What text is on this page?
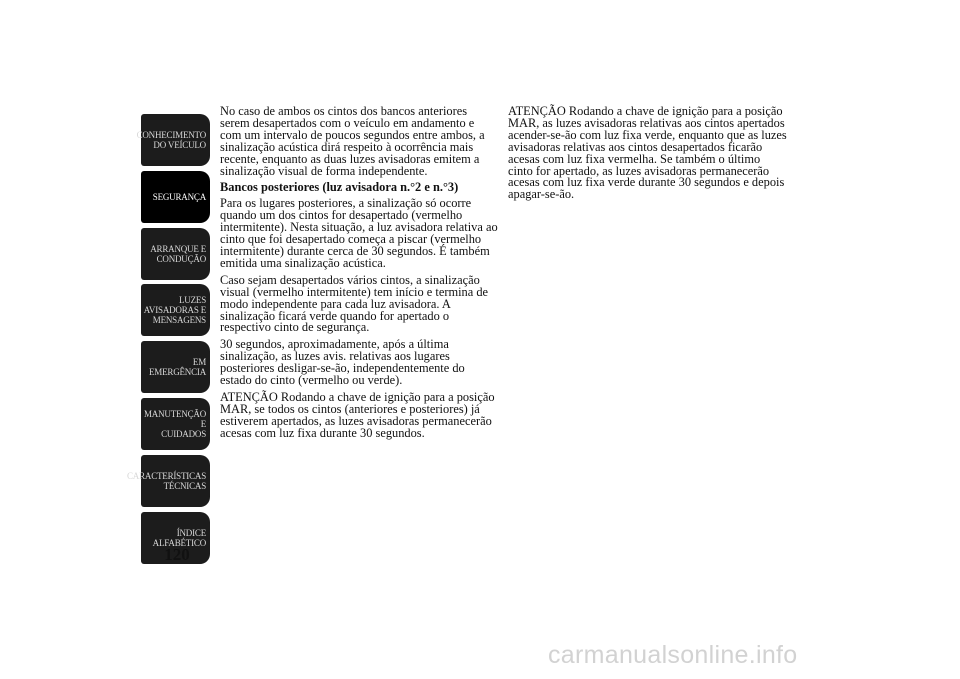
CONHECIMENTO
DO VEÍCULO
SEGURANÇA
ARRANQUE E
CONDUÇÃO
LUZES
AVISADORAS E
MENSAGENS
EM EMERGÊNCIA
MANUTENÇÃO E
CUIDADOS
CARACTERÍSTICAS
TÉCNICAS
ÍNDICE
ALFABÉTICO
120

No caso de ambos os cintos dos bancos anteriores serem desapertados com o veículo em andamento e com um intervalo de poucos segundos entre ambos, a sinalização acústica dirá respeito à ocorrência mais recente, enquanto as duas luzes avisadoras emitem a sinalização visual de forma independente.

Bancos posteriores (luz avisadora n.°2 e n.°3)

Para os lugares posteriores, a sinalização só ocorre quando um dos cintos for desapertado (vermelho intermitente). Nesta situação, a luz avisadora relativa ao cinto que foi desapertado começa a piscar (vermelho intermitente) durante cerca de 30 segundos. É também emitida uma sinalização acústica.

Caso sejam desapertados vários cintos, a sinalização visual (vermelho intermitente) tem início e termina de modo independente para cada luz avisadora. A sinalização ficará verde quando for apertado o respectivo cinto de segurança.

30 segundos, aproximadamente, após a última sinalização, as luzes avis. relativas aos lugares posteriores desligar-se-ão, independentemente do estado do cinto (vermelho ou verde).

ATENÇÃO Rodando a chave de ignição para a posição MAR, se todos os cintos (anteriores e posteriores) já estiverem apertados, as luzes avisadoras permanecerão acesas com luz fixa durante 30 segundos.

ATENÇÃO Rodando a chave de ignição para a posição MAR, as luzes avisadoras relativas aos cintos apertados acender-se-ão com luz fixa verde, enquanto que as luzes avisadoras relativas aos cintos desapertados ficarão acesas com luz fixa vermelha. Se também o último cinto for apertado, as luzes avisadoras permanecerão acesas com luz fixa verde durante 30 segundos e depois apagar-se-ão.

carmanualsonline.info
